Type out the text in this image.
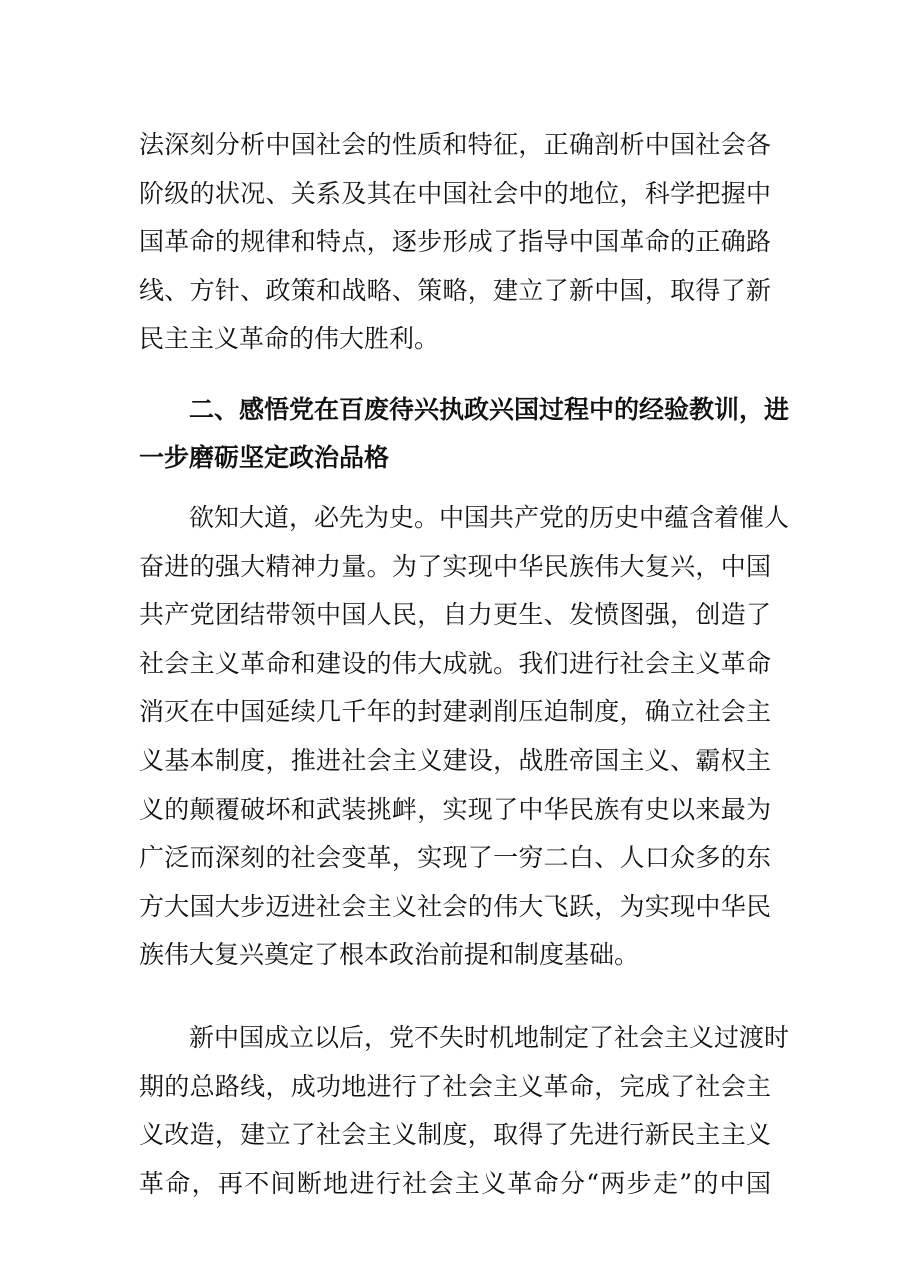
法深刻分析中国社会的性质和特征，正确剖析中国社会各
阶级的状况、关系及其在中国社会中的地位，科学把握中
国革命的规律和特点，逐步形成了指导中国革命的正确路
线、方针、政策和战略、策略，建立了新中国，取得了新
民主主义革命的伟大胜利。
二、感悟党在百废待兴执政兴国过程中的经验教训，进
一步磨砺坚定政治品格
欲知大道，必先为史。中国共产党的历史中蕴含着催人
奋进的强大精神力量。为了实现中华民族伟大复兴，中国
共产党团结带领中国人民，自力更生、发愤图强，创造了
社会主义革命和建设的伟大成就。我们进行社会主义革命
消灭在中国延续几千年的封建剥削压迫制度，确立社会主
义基本制度，推进社会主义建设，战胜帝国主义、霸权主
义的颠覆破坏和武装挑衅，实现了中华民族有史以来最为
广泛而深刻的社会变革，实现了一穷二白、人口众多的东
方大国大步迈进社会主义社会的伟大飞跃，为实现中华民
族伟大复兴奠定了根本政治前提和制度基础。
新中国成立以后，党不失时机地制定了社会主义过渡时
期的总路线，成功地进行了社会主义革命，完成了社会主
义改造，建立了社会主义制度，取得了先进行新民主主义
革命，再不间断地进行社会主义革命分“两步走”的中国
